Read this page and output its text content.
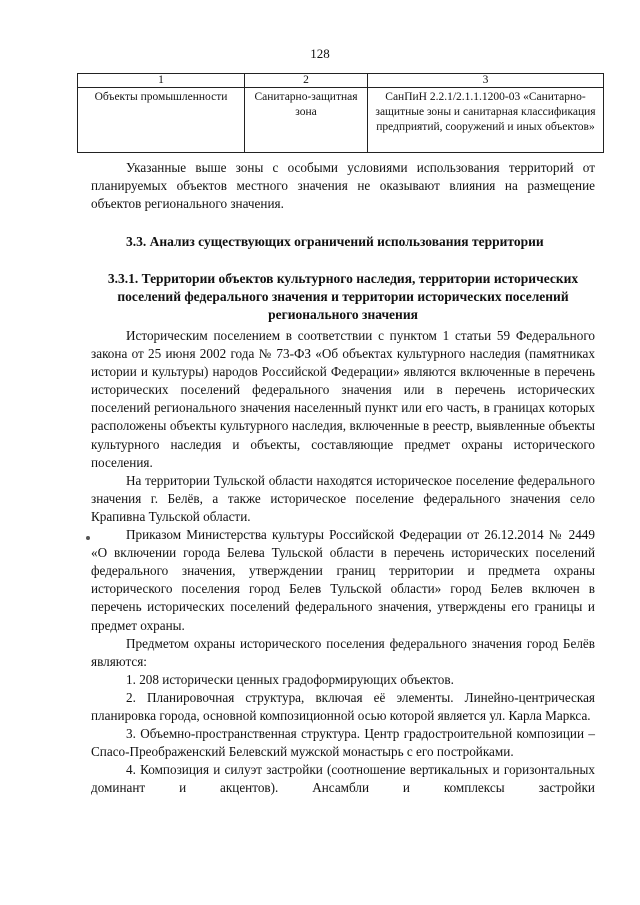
128
1	2	3
Объекты промышленности	Санитарно-защитная зона	СанПиН 2.2.1/2.1.1.1200-03 «Санитарно-защитные зоны и санитарная классификация предприятий, сооружений и иных объектов»

Указанные выше зоны с особыми условиями использования территорий от планируемых объектов местного значения не оказывают влияния на размещение объектов регионального значения.

3.3. Анализ существующих ограничений использования территории
3.3.1. Территории объектов культурного наследия, территории исторических поселений федерального значения и территории исторических поселений регионального значения

Историческим поселением в соответствии с пунктом 1 статьи 59 Федерального закона от 25 июня 2002 года № 73-ФЗ «Об объектах культурного наследия (памятниках истории и культуры) народов Российской Федерации» являются включенные в перечень исторических поселений федерального значения или в перечень исторических поселений регионального значения населенный пункт или его часть, в границах которых расположены объекты культурного наследия, включенные в реестр, выявленные объекты культурного наследия и объекты, составляющие предмет охраны исторического поселения.

На территории Тульской области находятся историческое поселение федерального значения г. Белёв, а также историческое поселение федерального значения село Крапивна Тульской области.

Приказом Министерства культуры Российской Федерации от 26.12.2014 № 2449 «О включении города Белева Тульской области в перечень исторических поселений федерального значения, утверждении границ территории и предмета охраны исторического поселения город Белев Тульской области» город Белев включен в перечень исторических поселений федерального значения, утверждены его границы и предмет охраны.

Предметом охраны исторического поселения федерального значения город Белёв являются:

1. 208 исторически ценных градоформирующих объектов.

2. Планировочная структура, включая её элементы. Линейно-центрическая планировка города, основной композиционной осью которой является ул. Карла Маркса.

3. Объемно-пространственная структура. Центр градостроительной композиции – Спасо-Преображенский Белевский мужской монастырь с его постройками.

4. Композиция и силуэт застройки (соотношение вертикальных и горизонтальных доминант и акцентов). Ансамбли и комплексы застройки
